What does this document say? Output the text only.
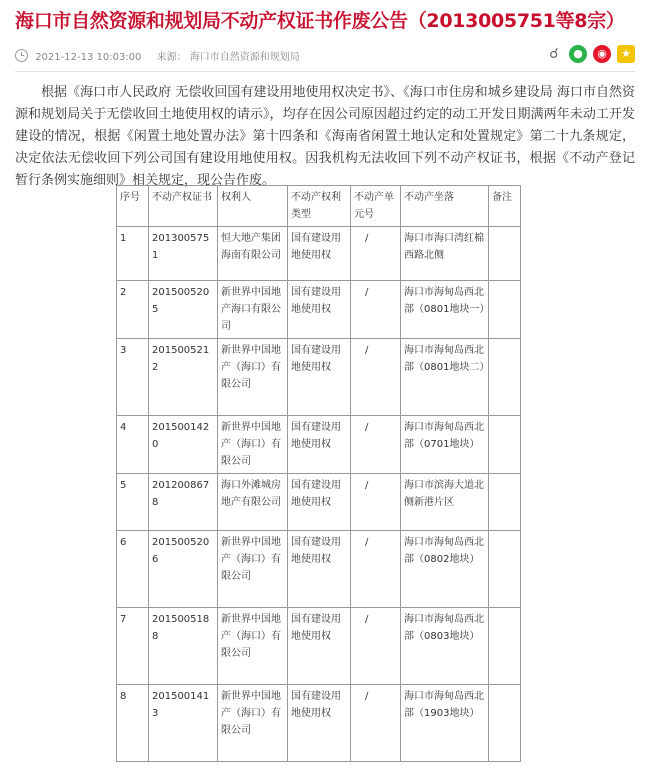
海口市自然资源和规划局不动产权证书作废公告（2013005751等8宗）
2021-12-13 10:03:00 来源： 海口市自然资源和规划局	☌	●	◉	★
根据《海口市人民政府 无偿收回国有建设用地使用权决定书》、《海口市住房和城乡建设局 海口市自然资源和规划局关于无偿收回土地使用权的请示》，均存在因公司原因超过约定的动工开发日期满两年未动工开发建设的情况，根据《闲置土地处置办法》第十四条和《海南省闲置土地认定和处置规定》第二十九条规定，决定依法无偿收回下列公司国有建设用地使用权。因我机构无法收回下列不动产权证书，根据《不动产登记暂行条例实施细则》相关规定，现公告作废。
序号	不动产权证书	权利人	不动产权利类型	不动产单元号	不动产坐落	备注
1	2013005751	恒大地产集团海南有限公司	国有建设用地使用权	/	海口市海口湾红棉西路北侧	
2	2015005205	新世界中国地产海口有限公司	国有建设用地使用权	/	海口市海甸岛西北部（0801地块一）	
3	2015005212	新世界中国地产（海口）有限公司	国有建设用地使用权	/	海口市海甸岛西北部（0801地块二）	
4	2015001420	新世界中国地产（海口）有限公司	国有建设用地使用权	/	海口市海甸岛西北部（0701地块）	
5	2012008678	海口外滩城房地产有限公司	国有建设用地使用权	/	海口市滨海大道北侧新港片区	
6	2015005206	新世界中国地产（海口）有限公司	国有建设用地使用权	/	海口市海甸岛西北部（0802地块）	
7	2015005188	新世界中国地产（海口）有限公司	国有建设用地使用权	/	海口市海甸岛西北部（0803地块）	
8	2015001413	新世界中国地产（海口）有限公司	国有建设用地使用权	/	海口市海甸岛西北部（1903地块）	
